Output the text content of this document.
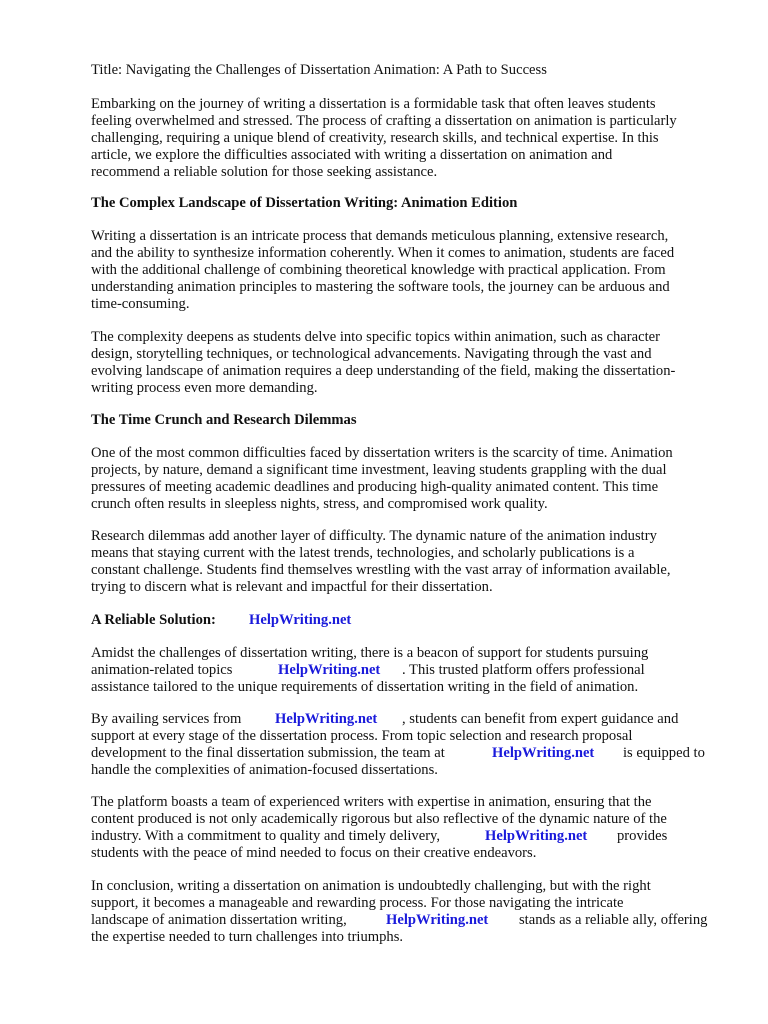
Title: Navigating the Challenges of Dissertation Animation: A Path to Success
Embarking on the journey of writing a dissertation is a formidable task that often leaves students
feeling overwhelmed and stressed. The process of crafting a dissertation on animation is particularly
challenging, requiring a unique blend of creativity, research skills, and technical expertise. In this
article, we explore the difficulties associated with writing a dissertation on animation and
recommend a reliable solution for those seeking assistance.
The Complex Landscape of Dissertation Writing: Animation Edition
Writing a dissertation is an intricate process that demands meticulous planning, extensive research,
and the ability to synthesize information coherently. When it comes to animation, students are faced
with the additional challenge of combining theoretical knowledge with practical application. From
understanding animation principles to mastering the software tools, the journey can be arduous and
time-consuming.
The complexity deepens as students delve into specific topics within animation, such as character
design, storytelling techniques, or technological advancements. Navigating through the vast and
evolving landscape of animation requires a deep understanding of the field, making the dissertation-
writing process even more demanding.
The Time Crunch and Research Dilemmas
One of the most common difficulties faced by dissertation writers is the scarcity of time. Animation
projects, by nature, demand a significant time investment, leaving students grappling with the dual
pressures of meeting academic deadlines and producing high-quality animated content. This time
crunch often results in sleepless nights, stress, and compromised work quality.
Research dilemmas add another layer of difficulty. The dynamic nature of the animation industry
means that staying current with the latest trends, technologies, and scholarly publications is a
constant challenge. Students find themselves wrestling with the vast array of information available,
trying to discern what is relevant and impactful for their dissertation.
A Reliable Solution: HelpWriting.net
Amidst the challenges of dissertation writing, there is a beacon of support for students pursuing
animation-related topics	HelpWriting.net . This trusted platform offers professional
assistance tailored to the unique requirements of dissertation writing in the field of animation.
By availing services from HelpWriting.net , students can benefit from expert guidance and
support at every stage of the dissertation process. From topic selection and research proposal
development to the final dissertation submission, the team at	HelpWriting.net is equipped to
handle the complexities of animation-focused dissertations.
The platform boasts a team of experienced writers with expertise in animation, ensuring that the
content produced is not only academically rigorous but also reflective of the dynamic nature of the
industry. With a commitment to quality and timely delivery,	HelpWriting.net provides
students with the peace of mind needed to focus on their creative endeavors.
In conclusion, writing a dissertation on animation is undoubtedly challenging, but with the right
support, it becomes a manageable and rewarding process. For those navigating the intricate
landscape of animation dissertation writing,	HelpWriting.net stands as a reliable ally, offering
the expertise needed to turn challenges into triumphs.
